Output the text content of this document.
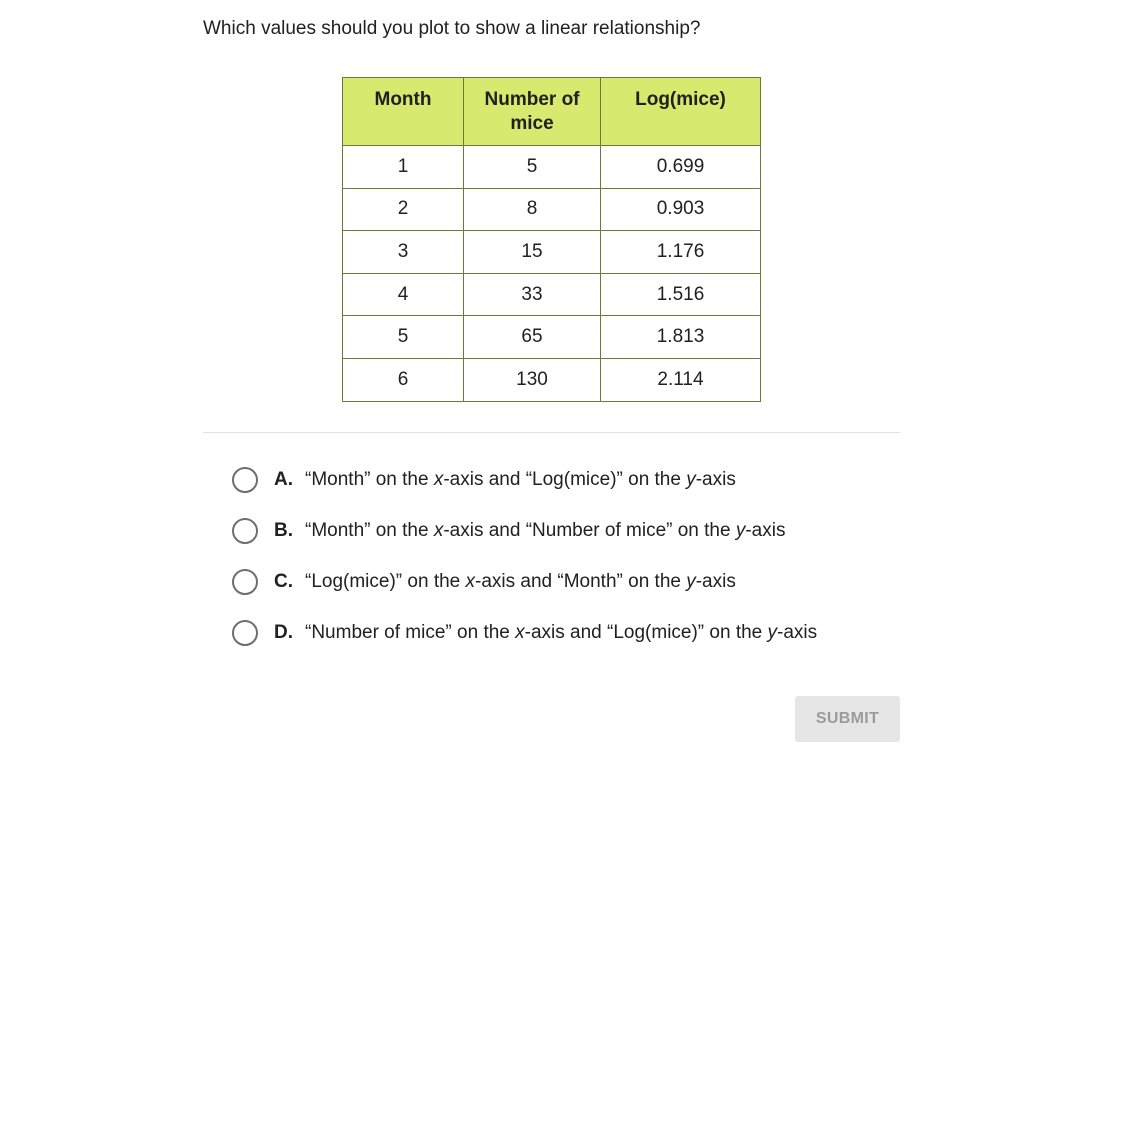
Which values should you plot to show a linear relationship?
Month	Number of mice	Log(mice)
1	5	0.699
2	8	0.903
3	15	1.176
4	33	1.516
5	65	1.813
6	130	2.114
A. “Month” on the x-axis and “Log(mice)” on the y-axis
B. “Month” on the x-axis and “Number of mice” on the y-axis
C. “Log(mice)” on the x-axis and “Month” on the y-axis
D. “Number of mice” on the x-axis and “Log(mice)” on the y-axis
SUBMIT
